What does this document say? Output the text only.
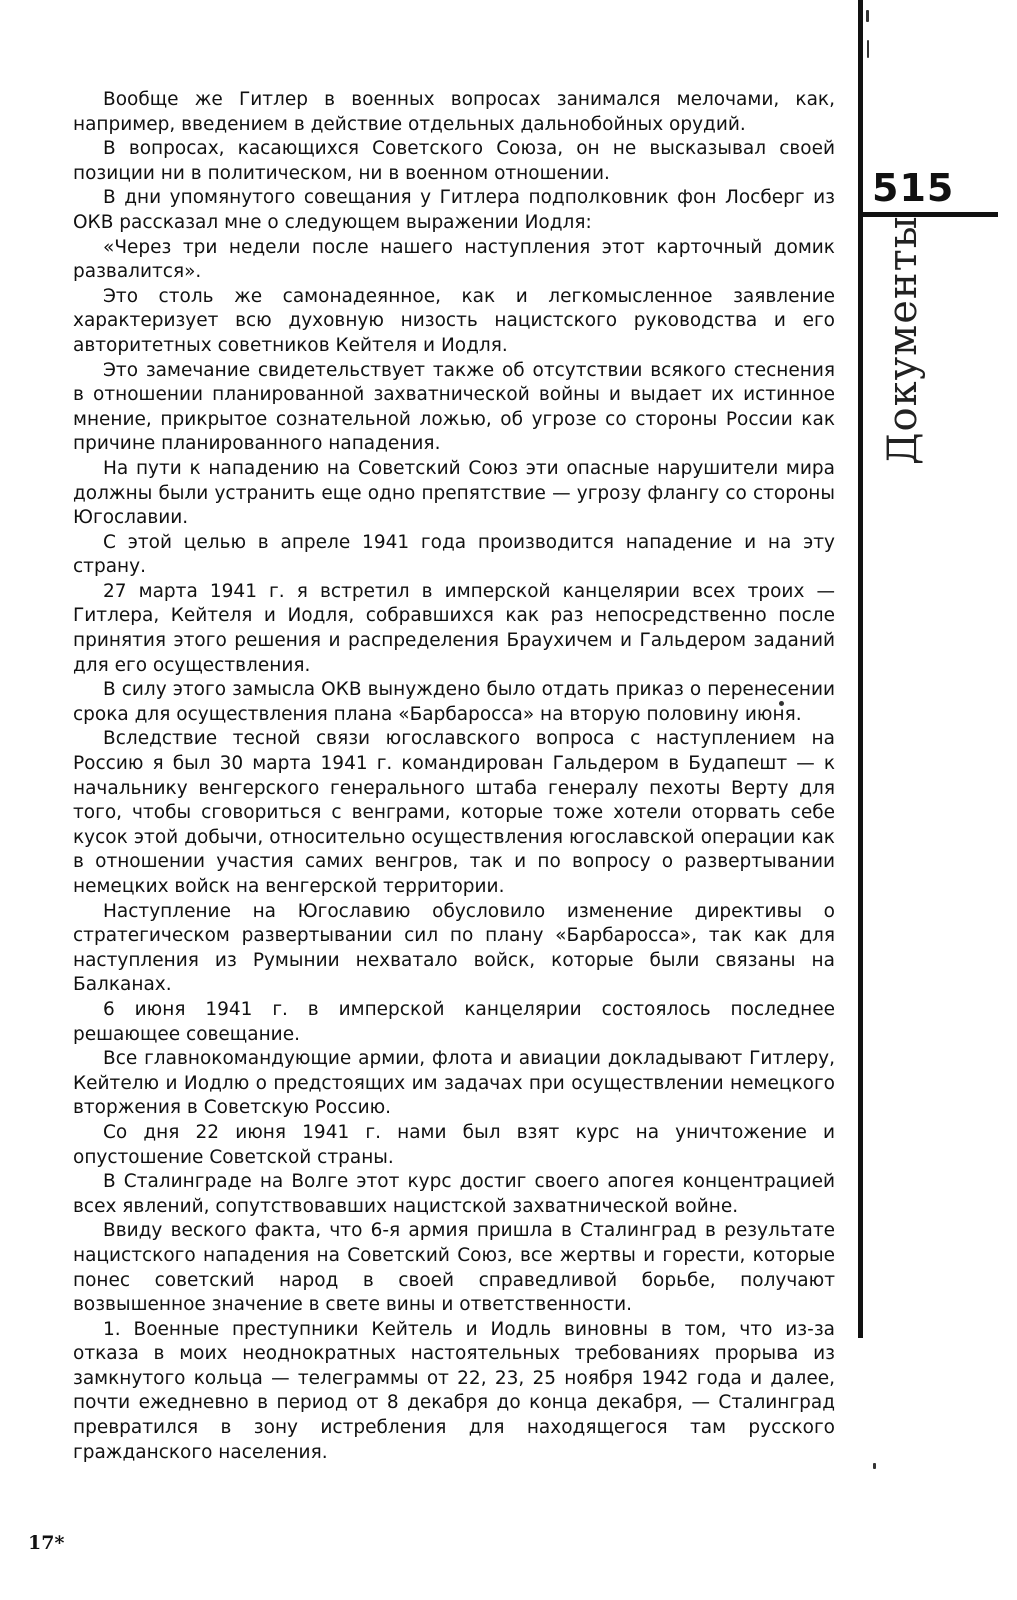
515
Документы

Вообще же Гитлер в военных вопросах занимался мелочами, как, например, введением в действие отдельных дальнобойных орудий.

В вопросах, касающихся Советского Союза, он не высказывал своей позиции ни в политическом, ни в военном отношении.

В дни упомянутого совещания у Гитлера подполковник фон Лосберг из ОКВ рассказал мне о следующем выражении Иодля:

«Через три недели после нашего наступления этот карточный домик развалится».

Это столь же самонадеянное, как и легкомысленное заявление характеризует всю духовную низость нацистского руководства и его авторитетных советников Кейтеля и Иодля.

Это замечание свидетельствует также об отсутствии всякого стеснения в отношении планированной захватнической войны и выдает их истинное мнение, прикрытое сознательной ложью, об угрозе со стороны России как причине планированного нападения.

На пути к нападению на Советский Союз эти опасные нарушители мира должны были устранить еще одно препятствие — угрозу флангу со стороны Югославии.

С этой целью в апреле 1941 года производится нападение и на эту страну.

27 марта 1941 г. я встретил в имперской канцелярии всех троих — Гитлера, Кейтеля и Иодля, собравшихся как раз непосредственно после принятия этого решения и распределения Браухичем и Гальдером заданий для его осуществления.

В силу этого замысла ОКВ вынуждено было отдать приказ о перенесении срока для осуществления плана «Барбаросса» на вторую половину июня.

Вследствие тесной связи югославского вопроса с наступлением на Россию я был 30 марта 1941 г. командирован Гальдером в Будапешт — к начальнику венгерского генерального штаба генералу пехоты Верту для того, чтобы сговориться с венграми, которые тоже хотели оторвать себе кусок этой добычи, относительно осуществления югославской операции как в отношении участия самих венгров, так и по вопросу о развертывании немецких войск на венгерской территории.

Наступление на Югославию обусловило изменение директивы о стратегическом развертывании сил по плану «Барбаросса», так как для наступления из Румынии нехватало войск, которые были связаны на Балканах.

6 июня 1941 г. в имперской канцелярии состоялось последнее решающее совещание.

Все главнокомандующие армии, флота и авиации докладывают Гитлеру, Кейтелю и Иодлю о предстоящих им задачах при осуществлении немецкого вторжения в Советскую Россию.

Со дня 22 июня 1941 г. нами был взят курс на уничтожение и опустошение Советской страны.

В Сталинграде на Волге этот курс достиг своего апогея концентрацией всех явлений, сопутствовавших нацистской захватнической войне.

Ввиду веского факта, что 6-я армия пришла в Сталинград в результате нацистского нападения на Советский Союз, все жертвы и горести, которые понес советский народ в своей справедливой борьбе, получают возвышенное значение в свете вины и ответственности.

1. Военные преступники Кейтель и Иодль виновны в том, что из-за отказа в моих неоднократных настоятельных требованиях прорыва из замкнутого кольца — телеграммы от 22, 23, 25 ноября 1942 года и далее, почти ежедневно в период от 8 декабря до конца декабря, — Сталинград превратился в зону истребления для находящегося там русского гражданского населения.

17*
